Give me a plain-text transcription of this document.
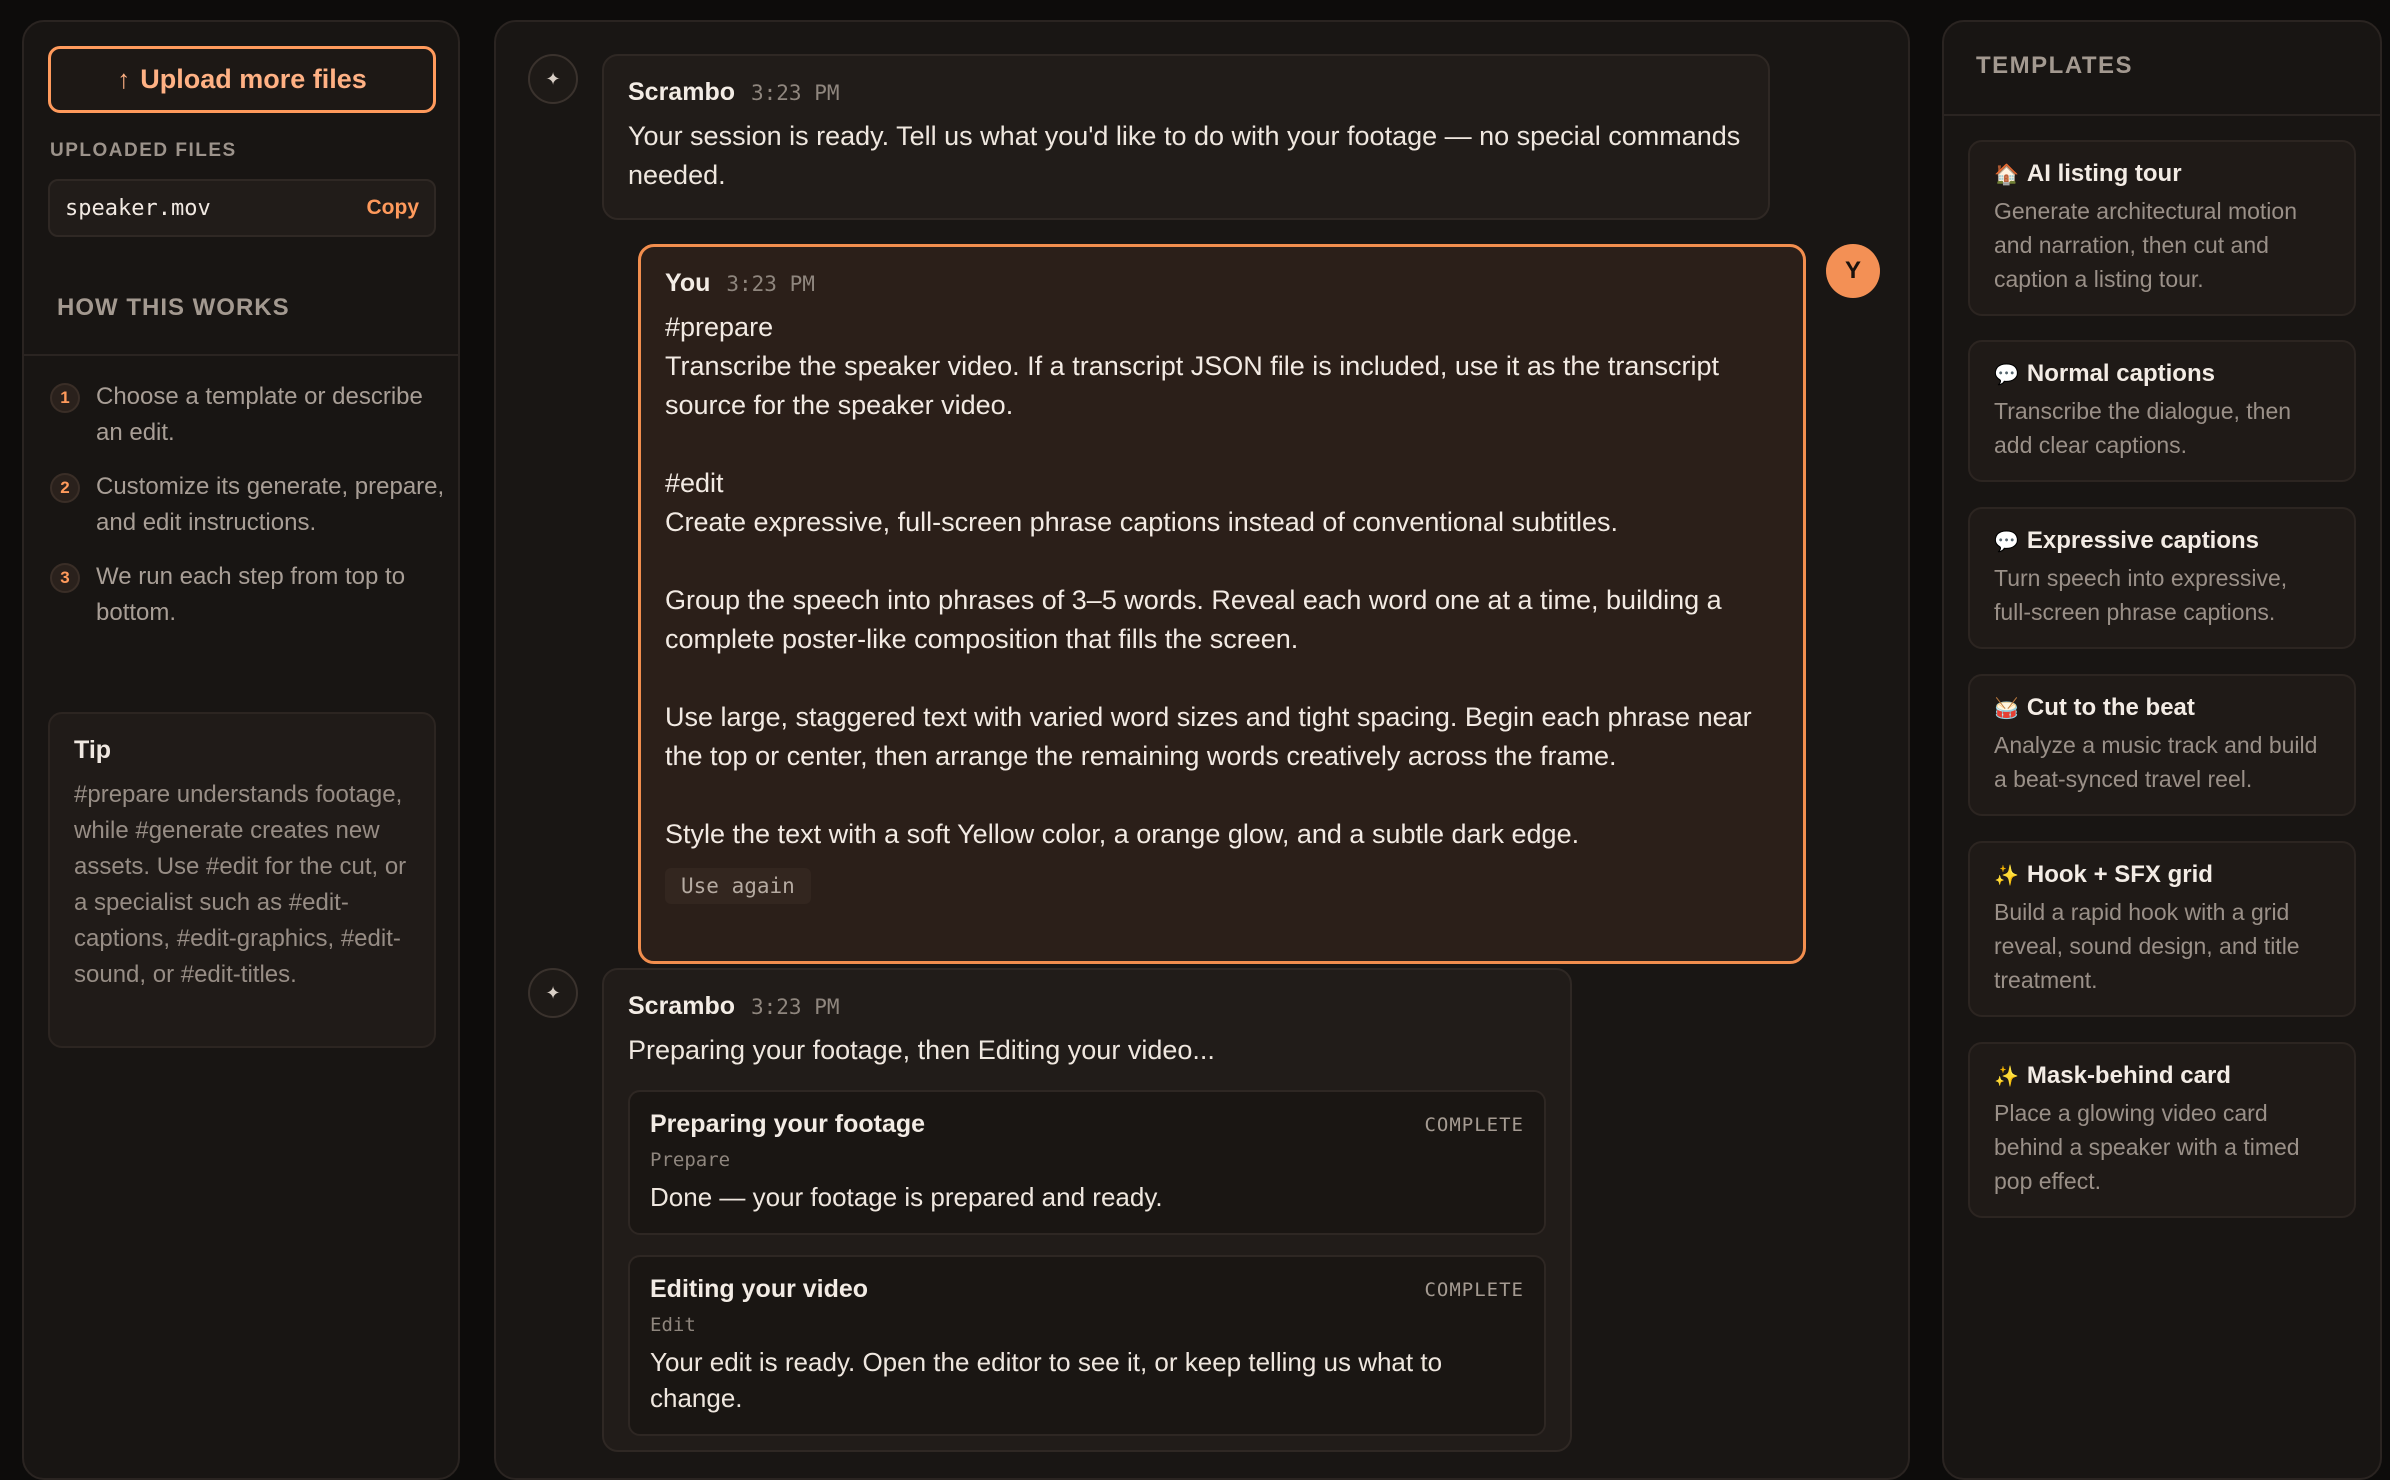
↑ Upload more files
UPLOADED FILES
speaker.mov	Copy
HOW THIS WORKS
1	Choose a template or describe an edit.
2	Customize its generate, prepare, and edit instructions.
3	We run each step from top to bottom.
Tip
#prepare understands footage, while #generate creates new assets. Use #edit for the cut, or a specialist such as #edit-captions, #edit-graphics, #edit-sound, or #edit-titles.
✦	Scrambo 3:23 PM
Your session is ready. Tell us what you'd like to do with your footage — no special commands needed.
You 3:23 PM

#prepare
Transcribe the speaker video. If a transcript JSON file is included, use it as the transcript source for the speaker video.

#edit
Create expressive, full-screen phrase captions instead of conventional subtitles.

Group the speech into phrases of 3–5 words. Reveal each word one at a time, building a complete poster-like composition that fills the screen.

Use large, staggered text with varied word sizes and tight spacing. Begin each phrase near the top or center, then arrange the remaining words creatively across the frame.

Style the text with a soft Yellow color, a orange glow, and a subtle dark edge.

Use again
Y
✦	Scrambo 3:23 PM
Preparing your footage, then Editing your video...
Preparing your footage	COMPLETE
Prepare
Done — your footage is prepared and ready.
Editing your video	COMPLETE
Edit
Your edit is ready. Open the editor to see it, or keep telling us what to change.
TEMPLATES
🏠 AI listing tour
Generate architectural motion and narration, then cut and caption a listing tour.
💬 Normal captions
Transcribe the dialogue, then add clear captions.
💬 Expressive captions
Turn speech into expressive, full-screen phrase captions.
🥁 Cut to the beat
Analyze a music track and build a beat-synced travel reel.
✨ Hook + SFX grid
Build a rapid hook with a grid reveal, sound design, and title treatment.
✨ Mask-behind card
Place a glowing video card behind a speaker with a timed pop effect.
